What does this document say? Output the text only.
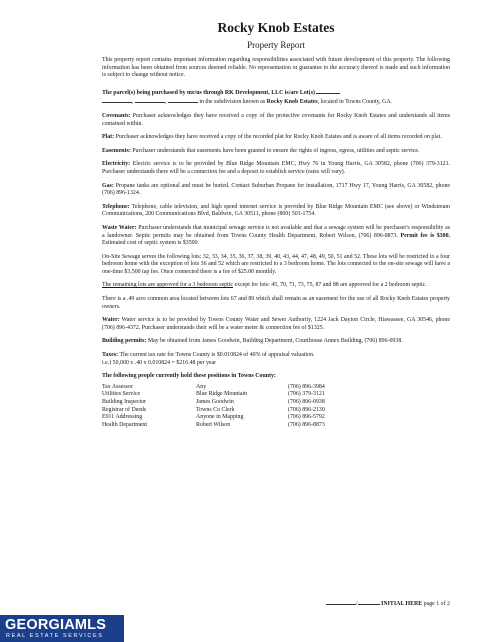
Rocky Knob Estates
Property Report
This property report contains important information regarding responsibilities associated with future development of this property. The following information has been obtained from sources deemed reliable. No representation or guarantee to the accuracy thereof is made and such information is subject to change without notice.
The parcel(s) being purchased by me/us through RK Development, LLC is/are Lot(s)
,	,	in the subdivision known as Rocky Knob Estates, located in Towns County, GA.
Covenants: Purchaser acknowledges they have received a copy of the protective covenants for Rocky Knob Estates and understands all items contained within.
Plat: Purchaser acknowledges they have received a copy of the recorded plat for Rocky Knob Estates and is aware of all items recorded on plat.
Easements: Purchaser understands that easements have been granted to ensure the rights of ingress, egress, utilities and septic service.
Electricity: Electric service is to be provided by Blue Ridge Mountain EMC, Hwy 76 in Young Harris, GA 30582, phone (706) 379-3121. Purchaser understands there will be a connection fee and a deposit to establish service (rates will vary).
Gas: Propane tanks are optional and must be buried. Contact Suburban Propane for installation, 1717 Hwy 17, Young Harris, GA 30582, phone (706) 896-1324.
Telephone: Telephone, cable television, and high speed internet service is provided by Blue Ridge Mountain EMC (see above) or Windstream Communications, 200 Communications Blvd, Baldwin, GA 30511, phone (800) 501-1754.
Waste Water: Purchaser understands that municipal sewage service is not available and that a sewage system will be purchaser's responsibility as a landowner. Septic permits may be obtained from Towns County Health Department, Robert Wilson, (706) 896-8873. Permit fee is $300. Estimated cost of septic system is $3500.
On-Site Sewage serves the following lots: 32, 33, 34, 35, 36, 37, 38, 39, 40, 43, 44, 47, 48, 49, 50, 51 and 52. These lots will be restricted to a four bedroom home with the exception of lots 36 and 52 which are restricted to a 3 bedroom home. The lots connected to the on-site sewage will have a one-time $3,500 tap fee. Once connected there is a fee of $25.00 monthly.
The remaining lots are approved for a 3 bedroom septic except for lots: 45, 70, 71, 73, 75, 87 and 88 are approved for a 2 bedroom septic.
There is a .49 acre common area located between lots 67 and 89 which shall remain as an easement for the use of all Rocky Knob Estates property owners.
Water: Water service is to be provided by Towns County Water and Sewer Authority, 1224 Jack Dayton Circle, Hiawassee, GA 30546, phone (706) 896-4372. Purchaser understands their will be a water meter & connection fee of $1325.
Building permits: May be obtained from James Goodwin, Building Department, Courthouse Annex Building, (706) 896-0938.
Taxes: The current tax rate for Towns County is $0.010824 of 40% of appraisal valuation.
i.e.) 50,000 x .40 x 0.010824 = $216.48 per year
The following people currently hold these positions in Towns County:
Tax Assessor	Any	(706) 896-3984
Utilities Service	Blue Ridge Mountain	(706) 379-3121
Building Inspector	James Goodwin	(706) 896-0938
Registrar of Deeds	Towns Co Clerk	(706) 896-2130
E911 Addressing	Anyone in Mapping	(706) 896-5792
Health Department	Robert Wilson	(706) 896-8873
/	INITIAL HERE page 1 of 2
GEORGIAMLS
REAL ESTATE SERVICES
